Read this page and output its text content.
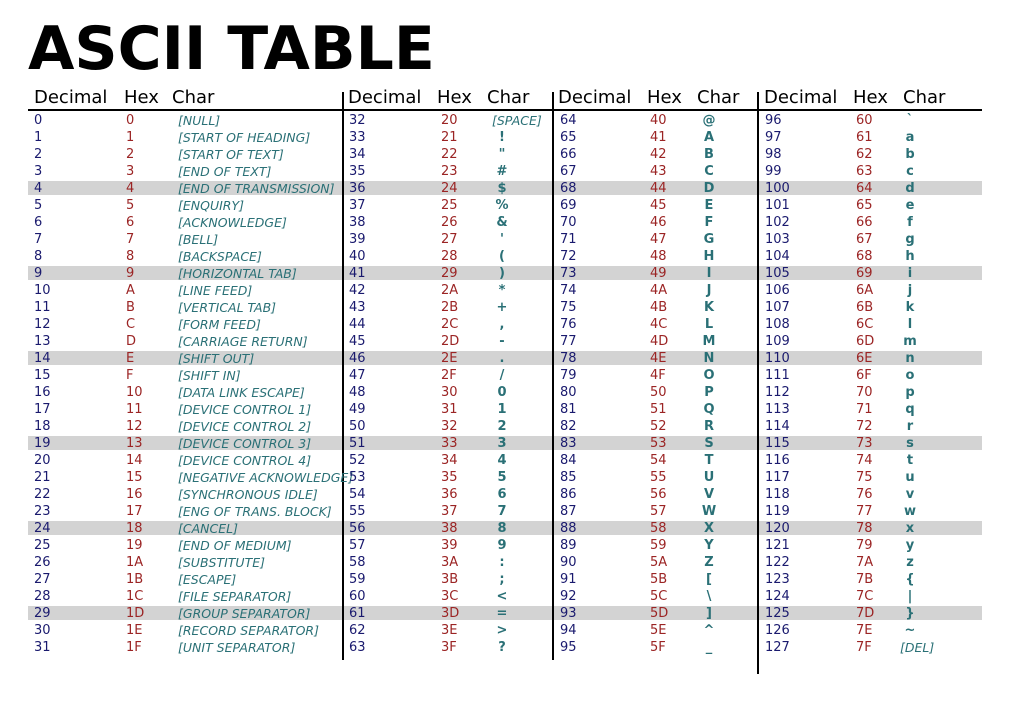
ASCII TABLE
Decimal Hex Char	Decimal Hex Char Decimal Hex Char Decimal Hex Char
0	0	[NULL]
1	1	[START OF HEADING]
2	2	[START OF TEXT]
3	3	[END OF TEXT]
4	4	[END OF TRANSMISSION]
5	5	[ENQUIRY]
6	6	[ACKNOWLEDGE]
7	7	[BELL]
8	8	[BACKSPACE]
9	9	[HORIZONTAL TAB]
10	A	[LINE FEED]
11	B	[VERTICAL TAB]
12	C	[FORM FEED]
13	D	[CARRIAGE RETURN]
14	E	[SHIFT OUT]
15	F	[SHIFT IN]
16	10	[DATA LINK ESCAPE]
17	11	[DEVICE CONTROL 1]
18	12	[DEVICE CONTROL 2]
19	13	[DEVICE CONTROL 3]
20	14	[DEVICE CONTROL 4]
21	15	[NEGATIVE ACKNOWLEDGE]
22	16	[SYNCHRONOUS IDLE]
23	17	[ENG OF TRANS. BLOCK]
24	18	[CANCEL]
25	19	[END OF MEDIUM]
26	1A	[SUBSTITUTE]
27	1B	[ESCAPE]
28	1C	[FILE SEPARATOR]
29	1D	[GROUP SEPARATOR]
30	1E	[RECORD SEPARATOR]
31	1F	[UNIT SEPARATOR]
32	20	[SPACE]
33	21	!
34	22	"
35	23	#
36	24	$
37	25	%
38	26	&
39	27	'
40	28	(
41	29	)
42	2A	*
43	2B	+
44	2C	,
45	2D	-
46	2E	.
47	2F	/
48	30	0
49	31	1
50	32	2
51	33	3
52	34	4
53	35	5
54	36	6
55	37	7
56	38	8
57	39	9
58	3A	:
59	3B	;
60	3C	<
61	3D	=
62	3E	>
63	3F	?
64	40	@
65	41	A
66	42	B
67	43	C
68	44	D
69	45	E
70	46	F
71	47	G
72	48	H
73	49	I
74	4A	J
75	4B	K
76	4C	L
77	4D	M
78	4E	N
79	4F	O
80	50	P
81	51	Q
82	52	R
83	53	S
84	54	T
85	55	U
86	56	V
87	57	W
88	58	X
89	59	Y
90	5A	Z
91	5B	[
92	5C	\
93	5D	]
94	5E	^
95	5F	_
96	60	`
97	61	a
98	62	b
99	63	c
100	64	d
101	65	e
102	66	f
103	67	g
104	68	h
105	69	i
106	6A	j
107	6B	k
108	6C	l
109	6D m
110	6E	n
111	6F	o
112	70	p
113	71	q
114	72	r
115	73	s
116	74	t
117	75	u
118	76	v
119	77	w
120	78	x
121	79	y
122	7A	z
123	7B	{
124	7C	|
125	7D	}
126	7E	~
127	7F [DEL]
